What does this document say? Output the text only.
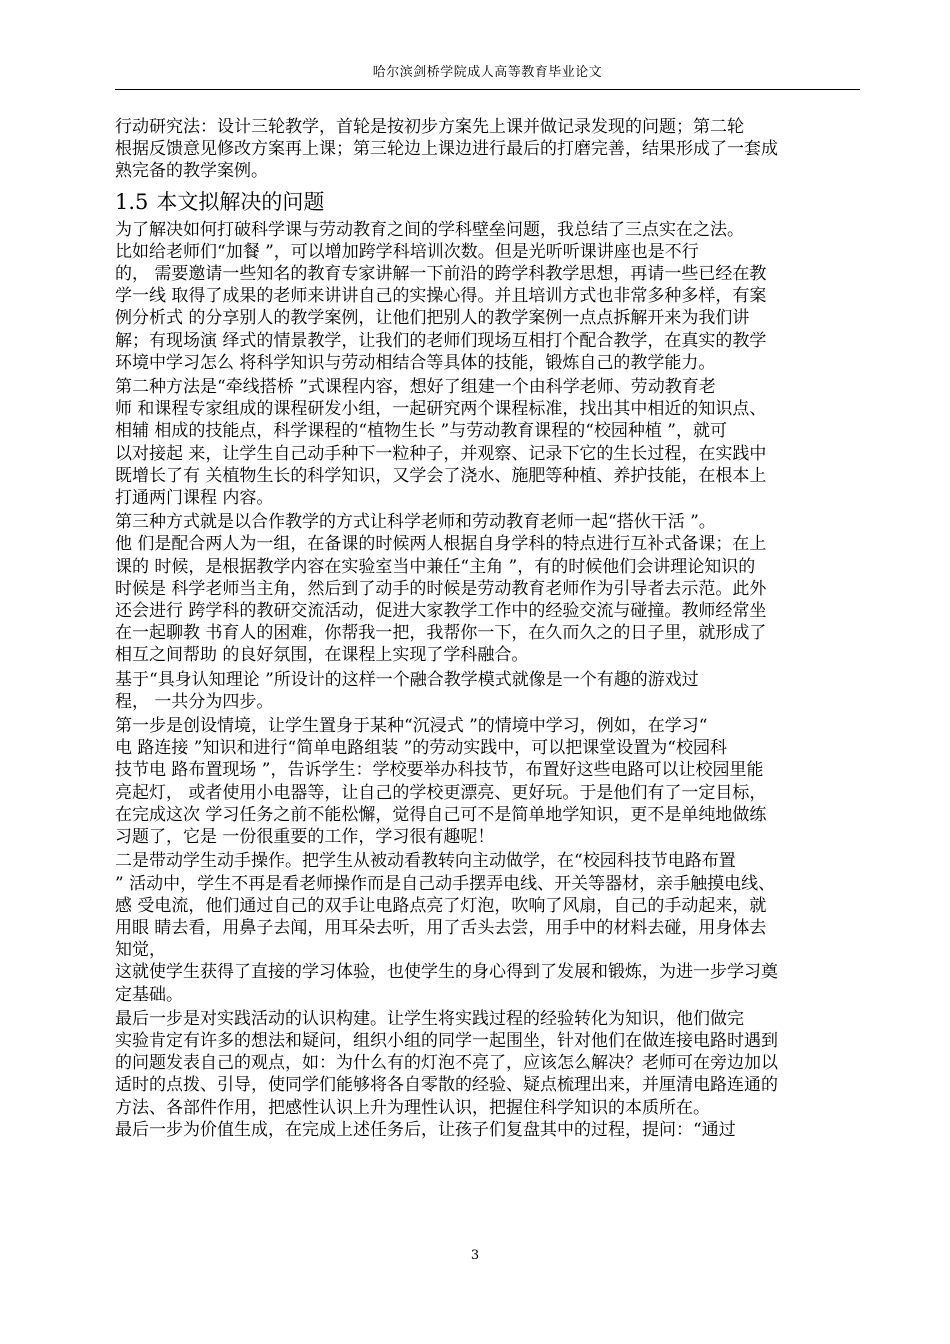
哈尔滨剑桥学院成人高等教育毕业论文

行动研究法：设计三轮教学，首轮是按初步方案先上课并做记录发现的问题；第二轮
根据反馈意见修改方案再上课；第三轮边上课边进行最后的打磨完善，结果形成了一套成
熟完备的教学案例。

1.5 本文拟解决的问题

为了解决如何打破科学课与劳动教育之间的学科壁垒问题，我总结了三点实在之法。
比如给老师们“加餐 ”，可以增加跨学科培训次数。但是光听听课讲座也是不行
的， 需要邀请一些知名的教育专家讲解一下前沿的跨学科教学思想，再请一些已经在教
学一线 取得了成果的老师来讲讲自己的实操心得。并且培训方式也非常多种多样，有案
例分析式 的分享别人的教学案例，让他们把别人的教学案例一点点拆解开来为我们讲
解；有现场演 绎式的情景教学，让我们的老师们现场互相打个配合教学，在真实的教学
环境中学习怎么 将科学知识与劳动相结合等具体的技能，锻炼自己的教学能力。

第二种方法是“牵线搭桥 ”式课程内容，想好了组建一个由科学老师、劳动教育老
师 和课程专家组成的课程研发小组，一起研究两个课程标准，找出其中相近的知识点、
相辅 相成的技能点，科学课程的“植物生长 ”与劳动教育课程的“校园种植 ”，就可
以对接起 来，让学生自己动手种下一粒种子，并观察、记录下它的生长过程，在实践中
既增长了有 关植物生长的科学知识，又学会了浇水、施肥等种植、养护技能，在根本上
打通两门课程 内容。

第三种方式就是以合作教学的方式让科学老师和劳动教育老师一起“搭伙干活 ”。
他 们是配合两人为一组，在备课的时候两人根据自身学科的特点进行互补式备课；在上
课的 时候，是根据教学内容在实验室当中兼任“主角 ”，有的时候他们会讲理论知识的
时候是 科学老师当主角，然后到了动手的时候是劳动教育老师作为引导者去示范。此外
还会进行 跨学科的教研交流活动，促进大家教学工作中的经验交流与碰撞。教师经常坐
在一起聊教 书育人的困难，你帮我一把，我帮你一下，在久而久之的日子里，就形成了
相互之间帮助 的良好氛围，在课程上实现了学科融合。

基于“具身认知理论 ”所设计的这样一个融合教学模式就像是一个有趣的游戏过
程， 一共分为四步。

第一步是创设情境，让学生置身于某种“沉浸式 ”的情境中学习，例如，在学习“
电 路连接 ”知识和进行“简单电路组装 ”的劳动实践中，可以把课堂设置为“校园科
技节电 路布置现场 ”，告诉学生：学校要举办科技节，布置好这些电路可以让校园里能
亮起灯， 或者使用小电器等，让自己的学校更漂亮、更好玩。于是他们有了一定目标，
在完成这次 学习任务之前不能松懈，觉得自己可不是简单地学知识，更不是单纯地做练
习题了，它是 一份很重要的工作，学习很有趣呢！

二是带动学生动手操作。把学生从被动看教转向主动做学，在“校园科技节电路布置
” 活动中，学生不再是看老师操作而是自己动手摆弄电线、开关等器材，亲手触摸电线、
感 受电流，他们通过自己的双手让电路点亮了灯泡，吹响了风扇，自己的手动起来，就
用眼 睛去看，用鼻子去闻，用耳朵去听，用了舌头去尝，用手中的材料去碰，用身体去
知觉，
这就使学生获得了直接的学习体验，也使学生的身心得到了发展和锻炼，为进一步学习奠
定基础。

最后一步是对实践活动的认识构建。让学生将实践过程的经验转化为知识，他们做完
实验肯定有许多的想法和疑问，组织小组的同学一起围坐，针对他们在做连接电路时遇到
的问题发表自己的观点，如：为什么有的灯泡不亮了，应该怎么解决？老师可在旁边加以
适时的点拨、引导，使同学们能够将各自零散的经验、疑点梳理出来，并厘清电路连通的
方法、各部件作用，把感性认识上升为理性认识，把握住科学知识的本质所在。
最后一步为价值生成，在完成上述任务后，让孩子们复盘其中的过程，提问：“通过

3
